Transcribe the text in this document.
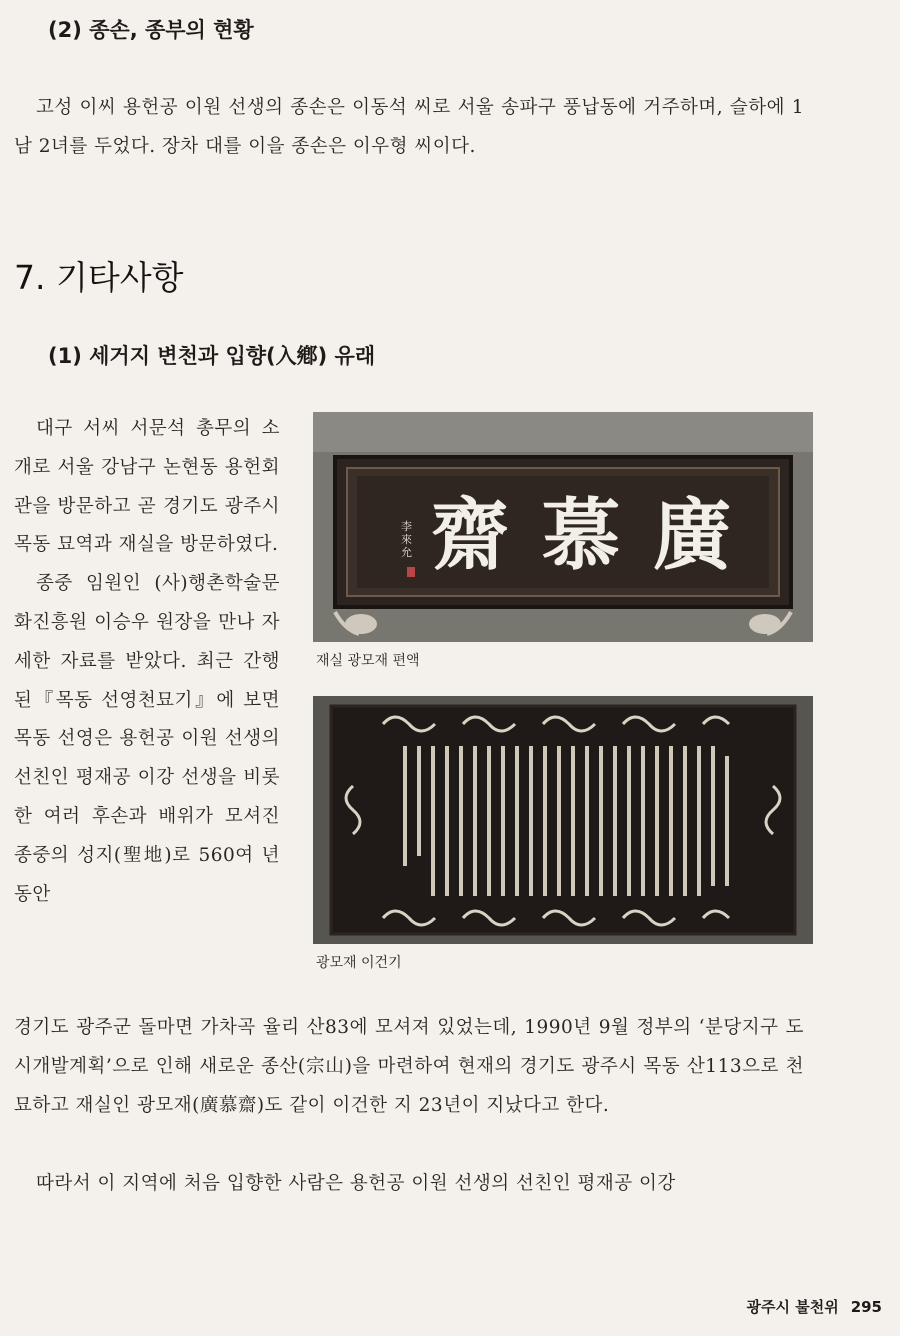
(2) 종손, 종부의 현황

고성 이씨 용헌공 이원 선생의 종손은 이동석 씨로 서울 송파구 풍납동에 거주하며, 슬하에 1남 2녀를 두었다. 장차 대를 이을 종손은 이우형 씨이다.

7. 기타사항
(1) 세거지 변천과 입향(入鄕) 유래

대구 서씨 서문석 총무의 소개로 서울 강남구 논현동 용헌회관을 방문하고 곧 경기도 광주시 목동 묘역과 재실을 방문하였다.

종중 임원인 (사)행촌학술문화진흥원 이승우 원장을 만나 자세한 자료를 받았다. 최근 간행된『목동 선영천묘기』에 보면 목동 선영은 용헌공 이원 선생의 선친인 평재공 이강 선생을 비롯한 여러 후손과 배위가 모셔진 종중의 성지(聖地)로 560여 년 동안

李來允 齋 慕 廣
재실 광모재 편액
광모재 이건기

경기도 광주군 돌마면 가차곡 율리 산83에 모셔져 있었는데, 1990년 9월 정부의 ‘분당지구 도시개발계획’으로 인해 새로운 종산(宗山)을 마련하여 현재의 경기도 광주시 목동 산113으로 천묘하고 재실인 광모재(廣慕齋)도 같이 이건한 지 23년이 지났다고 한다.

따라서 이 지역에 처음 입향한 사람은 용헌공 이원 선생의 선친인 평재공 이강

광주시 불천위 295
